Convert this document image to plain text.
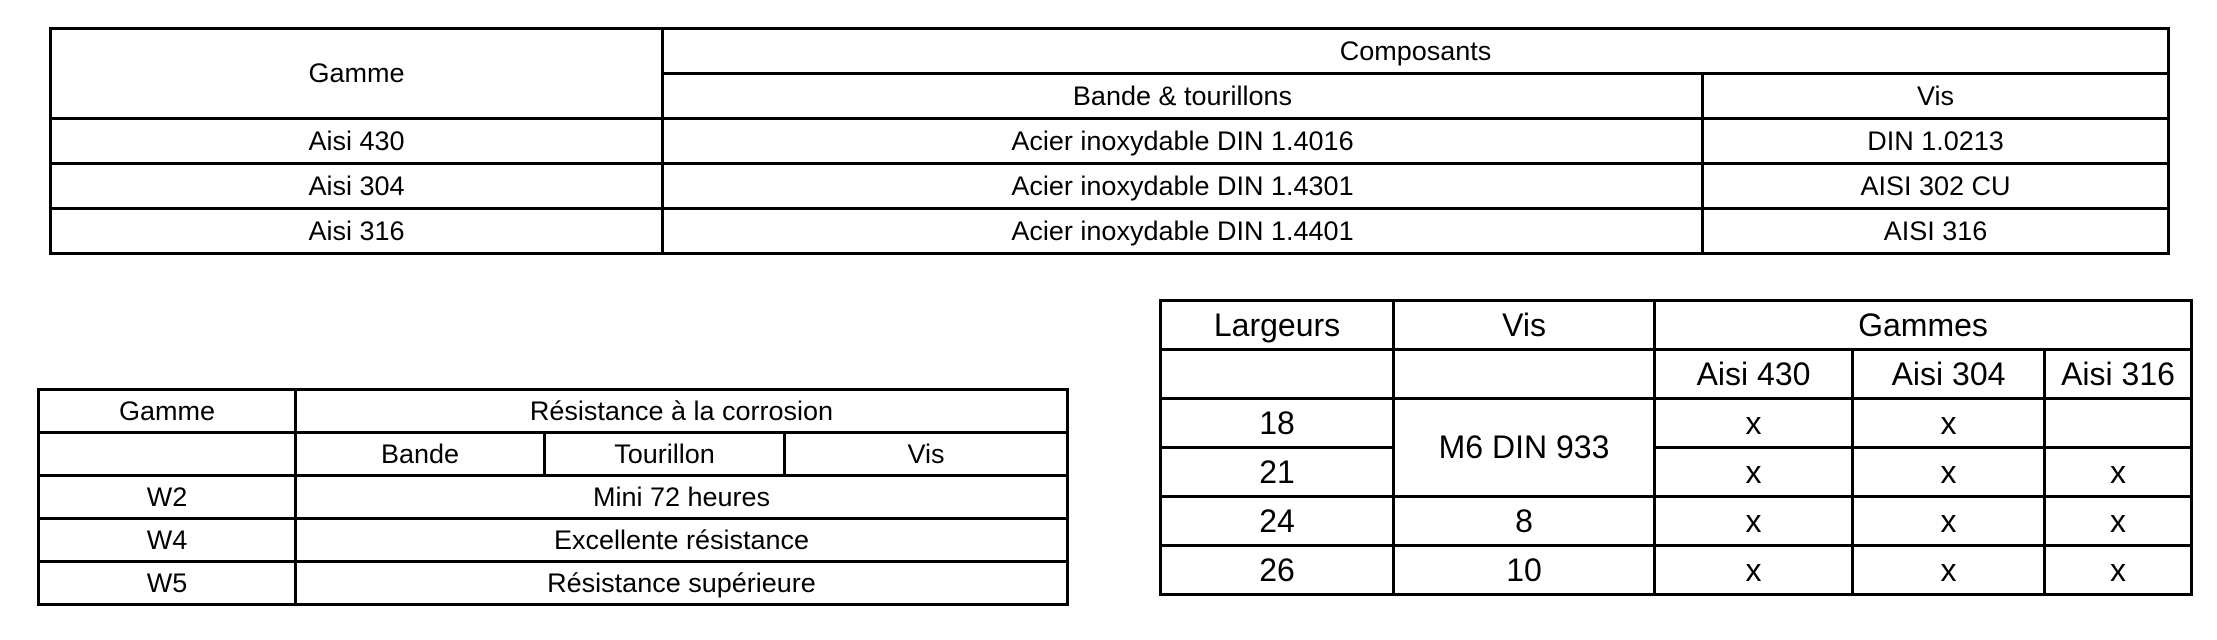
Gamme	Composants	
	Bande & tourillons	Vis
Aisi 430	Acier inoxydable DIN 1.4016	DIN 1.0213
Aisi 304	Acier inoxydable DIN 1.4301	AISI 302 CU
Aisi 316	Acier inoxydable DIN 1.4401	AISI 316
Gamme	Résistance à la corrosion		
	Bande	Tourillon	Vis
W2	Mini 72 heures		
W4	Excellente résistance		
W5	Résistance supérieure		
Largeurs	Vis	Gammes		
		Aisi 430	Aisi 304	Aisi 316
18	M6 DIN 933	x	x	
21		x	x	x
24	8	x	x	x
26	10	x	x	x
